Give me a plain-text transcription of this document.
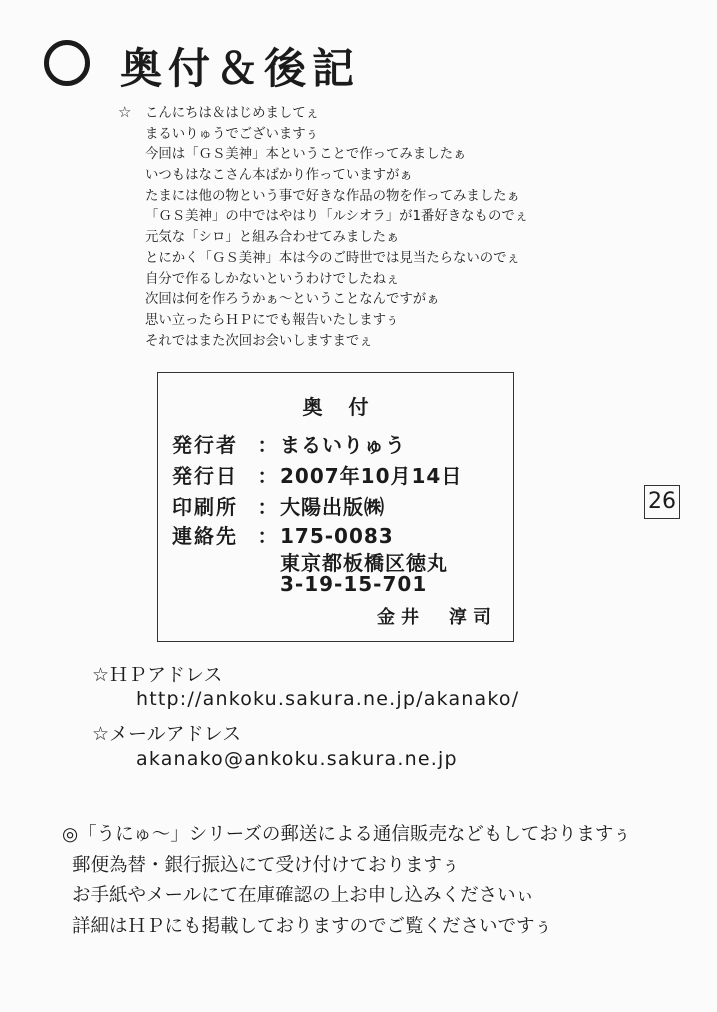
奥付＆後記
☆ こんにちは＆はじめましてぇ
まるいりゅうでございますぅ
今回は「ＧＳ美神」本ということで作ってみましたぁ
いつもはなこさん本ばかり作っていますがぁ
たまには他の物という事で好きな作品の物を作ってみましたぁ
「ＧＳ美神」の中ではやはり「ルシオラ」が1番好きなものでぇ
元気な「シロ」と組み合わせてみましたぁ
とにかく「ＧＳ美神」本は今のご時世では見当たらないのでぇ
自分で作るしかないというわけでしたねぇ
次回は何を作ろうかぁ～ということなんですがぁ
思い立ったらＨＰにでも報告いたしますぅ
それではまた次回お会いしますまでぇ
奥付
発行者 ：まるいりゅう
発行日 ：2007年10月14日
印刷所 ：大陽出版㈱
連絡先 ：175-0083
東京都板橋区徳丸
3-19-15-701
金井　淳司
26
☆ＨＰアドレス
http://ankoku.sakura.ne.jp/akanako/
☆メールアドレス
akanako@ankoku.sakura.ne.jp
◎「うにゅ～」シリーズの郵送による通信販売などもしておりますぅ
郵便為替・銀行振込にて受け付けておりますぅ
お手紙やメールにて在庫確認の上お申し込みくださいぃ
詳細はＨＰにも掲載しておりますのでご覧くださいですぅ
